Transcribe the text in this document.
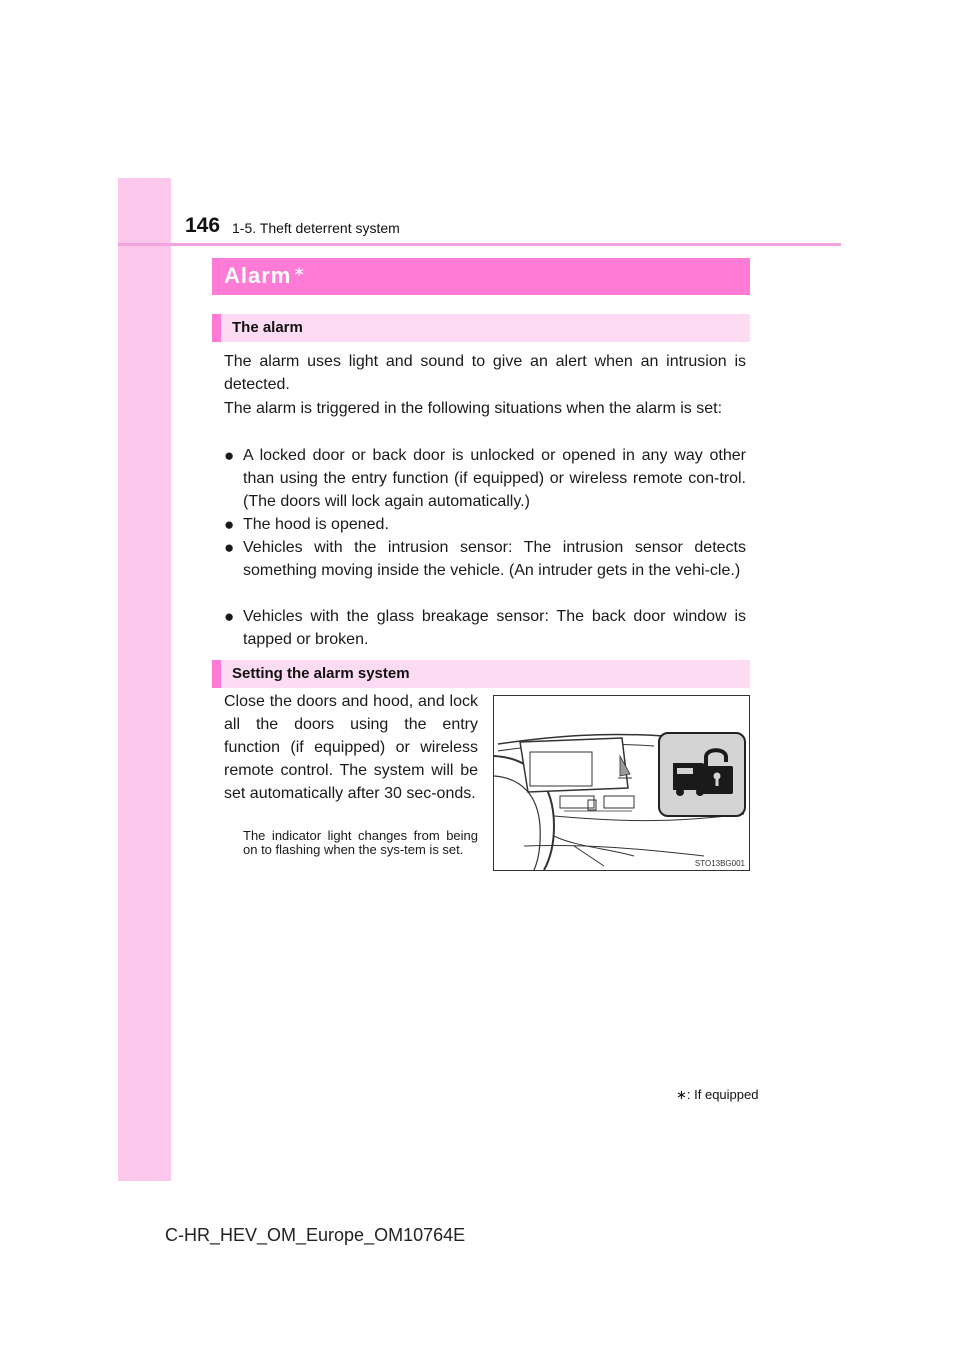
146 1-5. Theft deterrent system
Alarm ∗
The alarm
The alarm uses light and sound to give an alert when an intrusion is detected.
The alarm is triggered in the following situations when the alarm is set:
● A locked door or back door is unlocked or opened in any way other than using the entry function (if equipped) or wireless remote con-trol. (The doors will lock again automatically.)
● The hood is opened.
● Vehicles with the intrusion sensor: The intrusion sensor detects something moving inside the vehicle. (An intruder gets in the vehi-cle.)
● Vehicles with the glass breakage sensor: The back door window is tapped or broken.
Setting the alarm system
Close the doors and hood, and lock all the doors using the entry function (if equipped) or wireless remote control. The system will be set automatically after 30 sec-onds.
The indicator light changes from being on to flashing when the sys-tem is set.
STO13BG001
∗: If equipped
C-HR_HEV_OM_Europe_OM10764E
